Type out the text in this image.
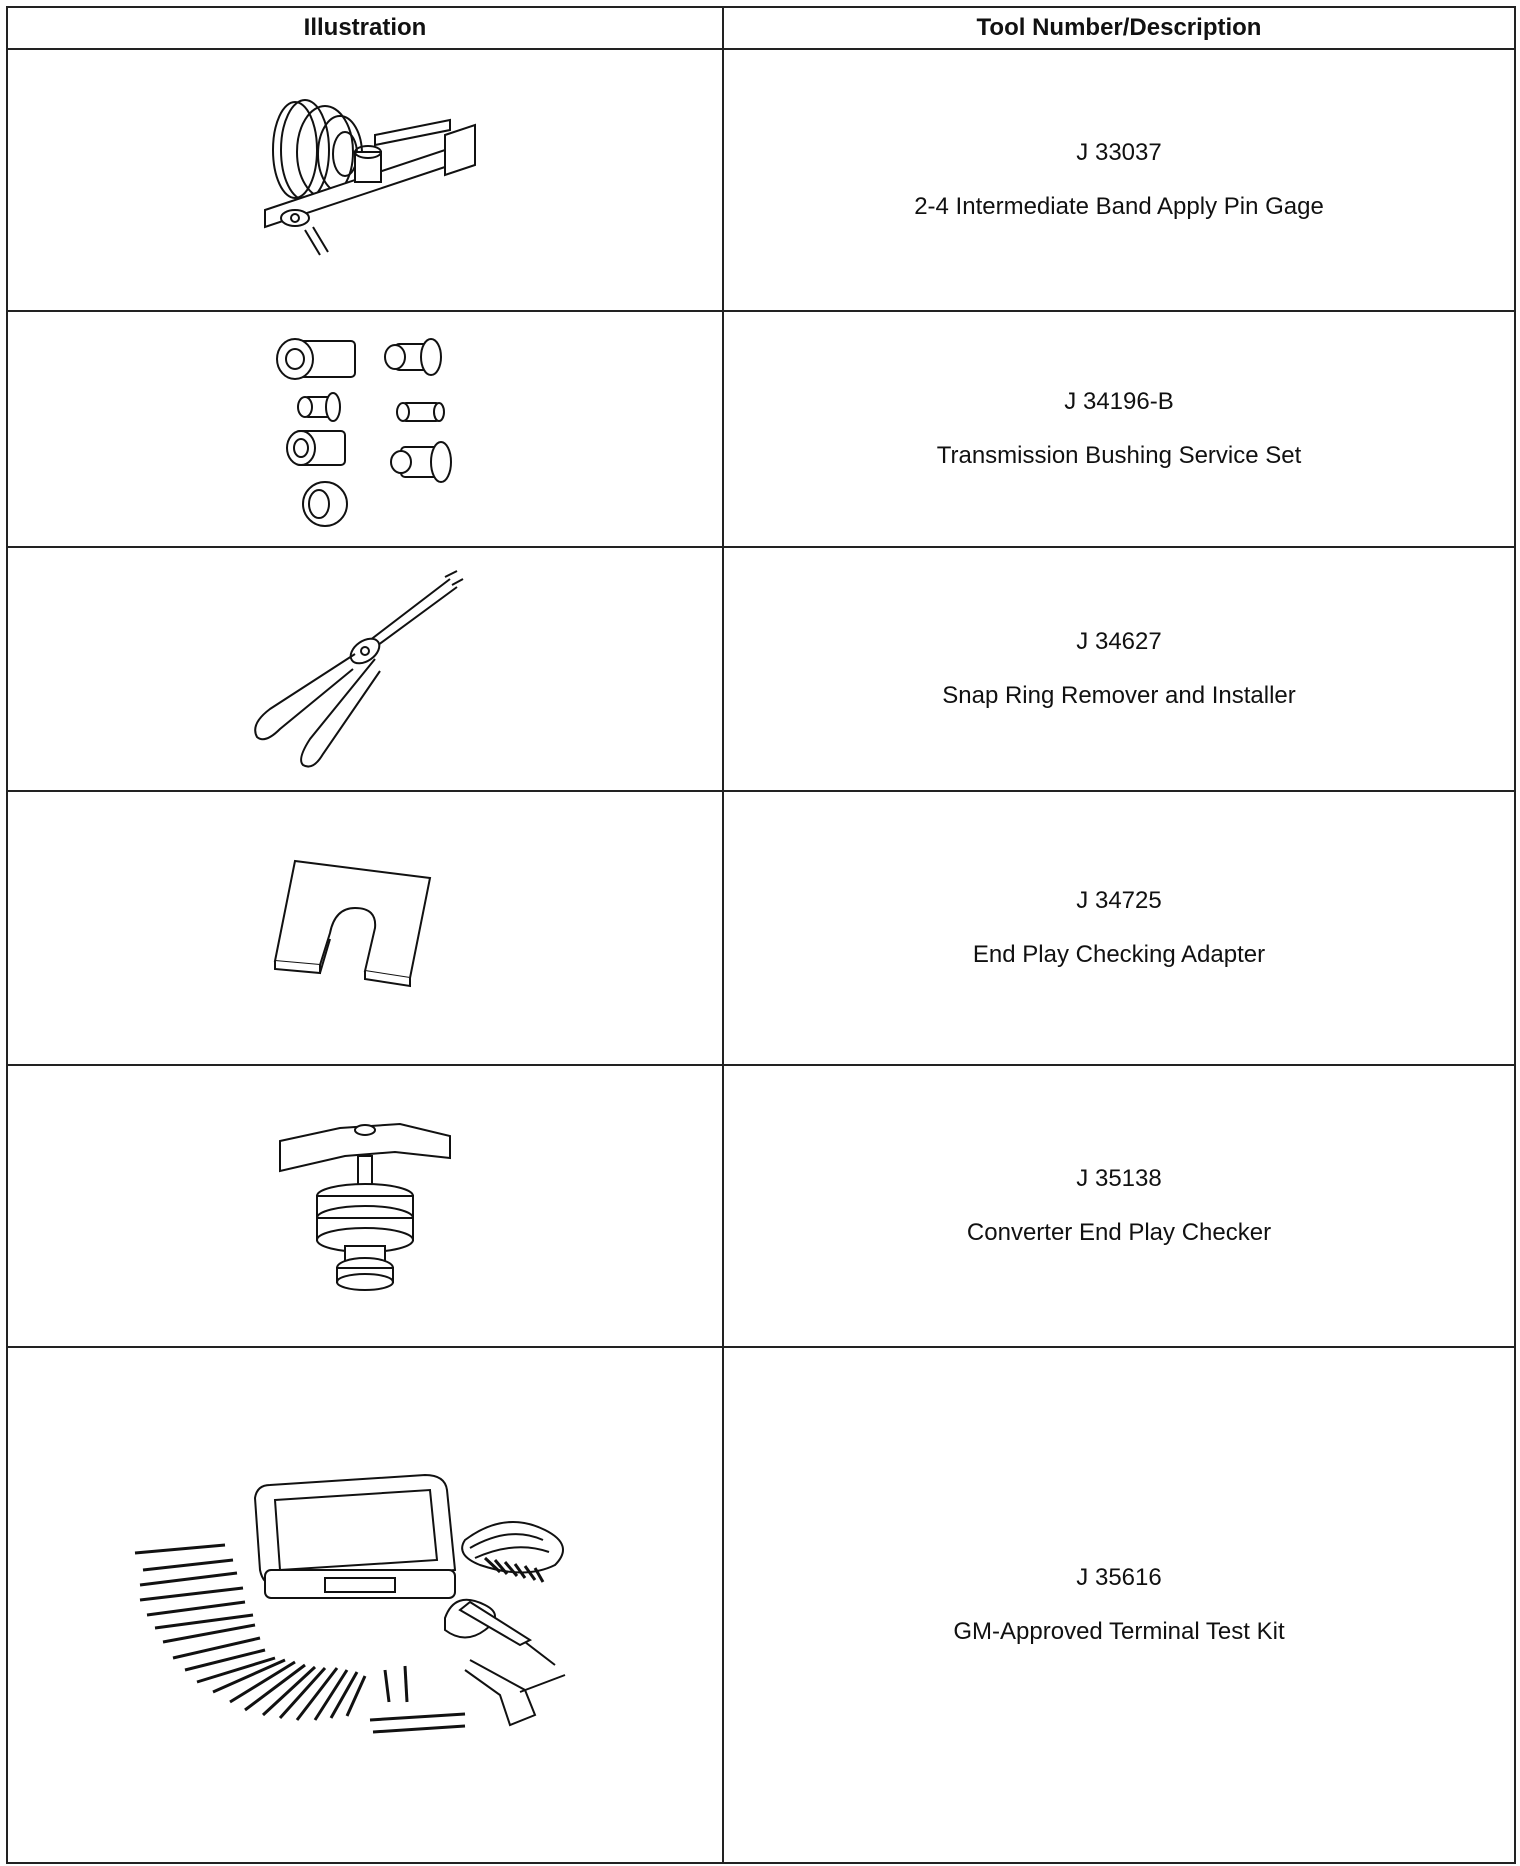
Illustration	Tool Number/Description

J 33037
2-4 Intermediate Band Apply Pin Gage

J 34196-B
Transmission Bushing Service Set

J 34627
Snap Ring Remover and Installer

J 34725
End Play Checking Adapter

J 35138
Converter End Play Checker

J 35616
GM-Approved Terminal Test Kit
